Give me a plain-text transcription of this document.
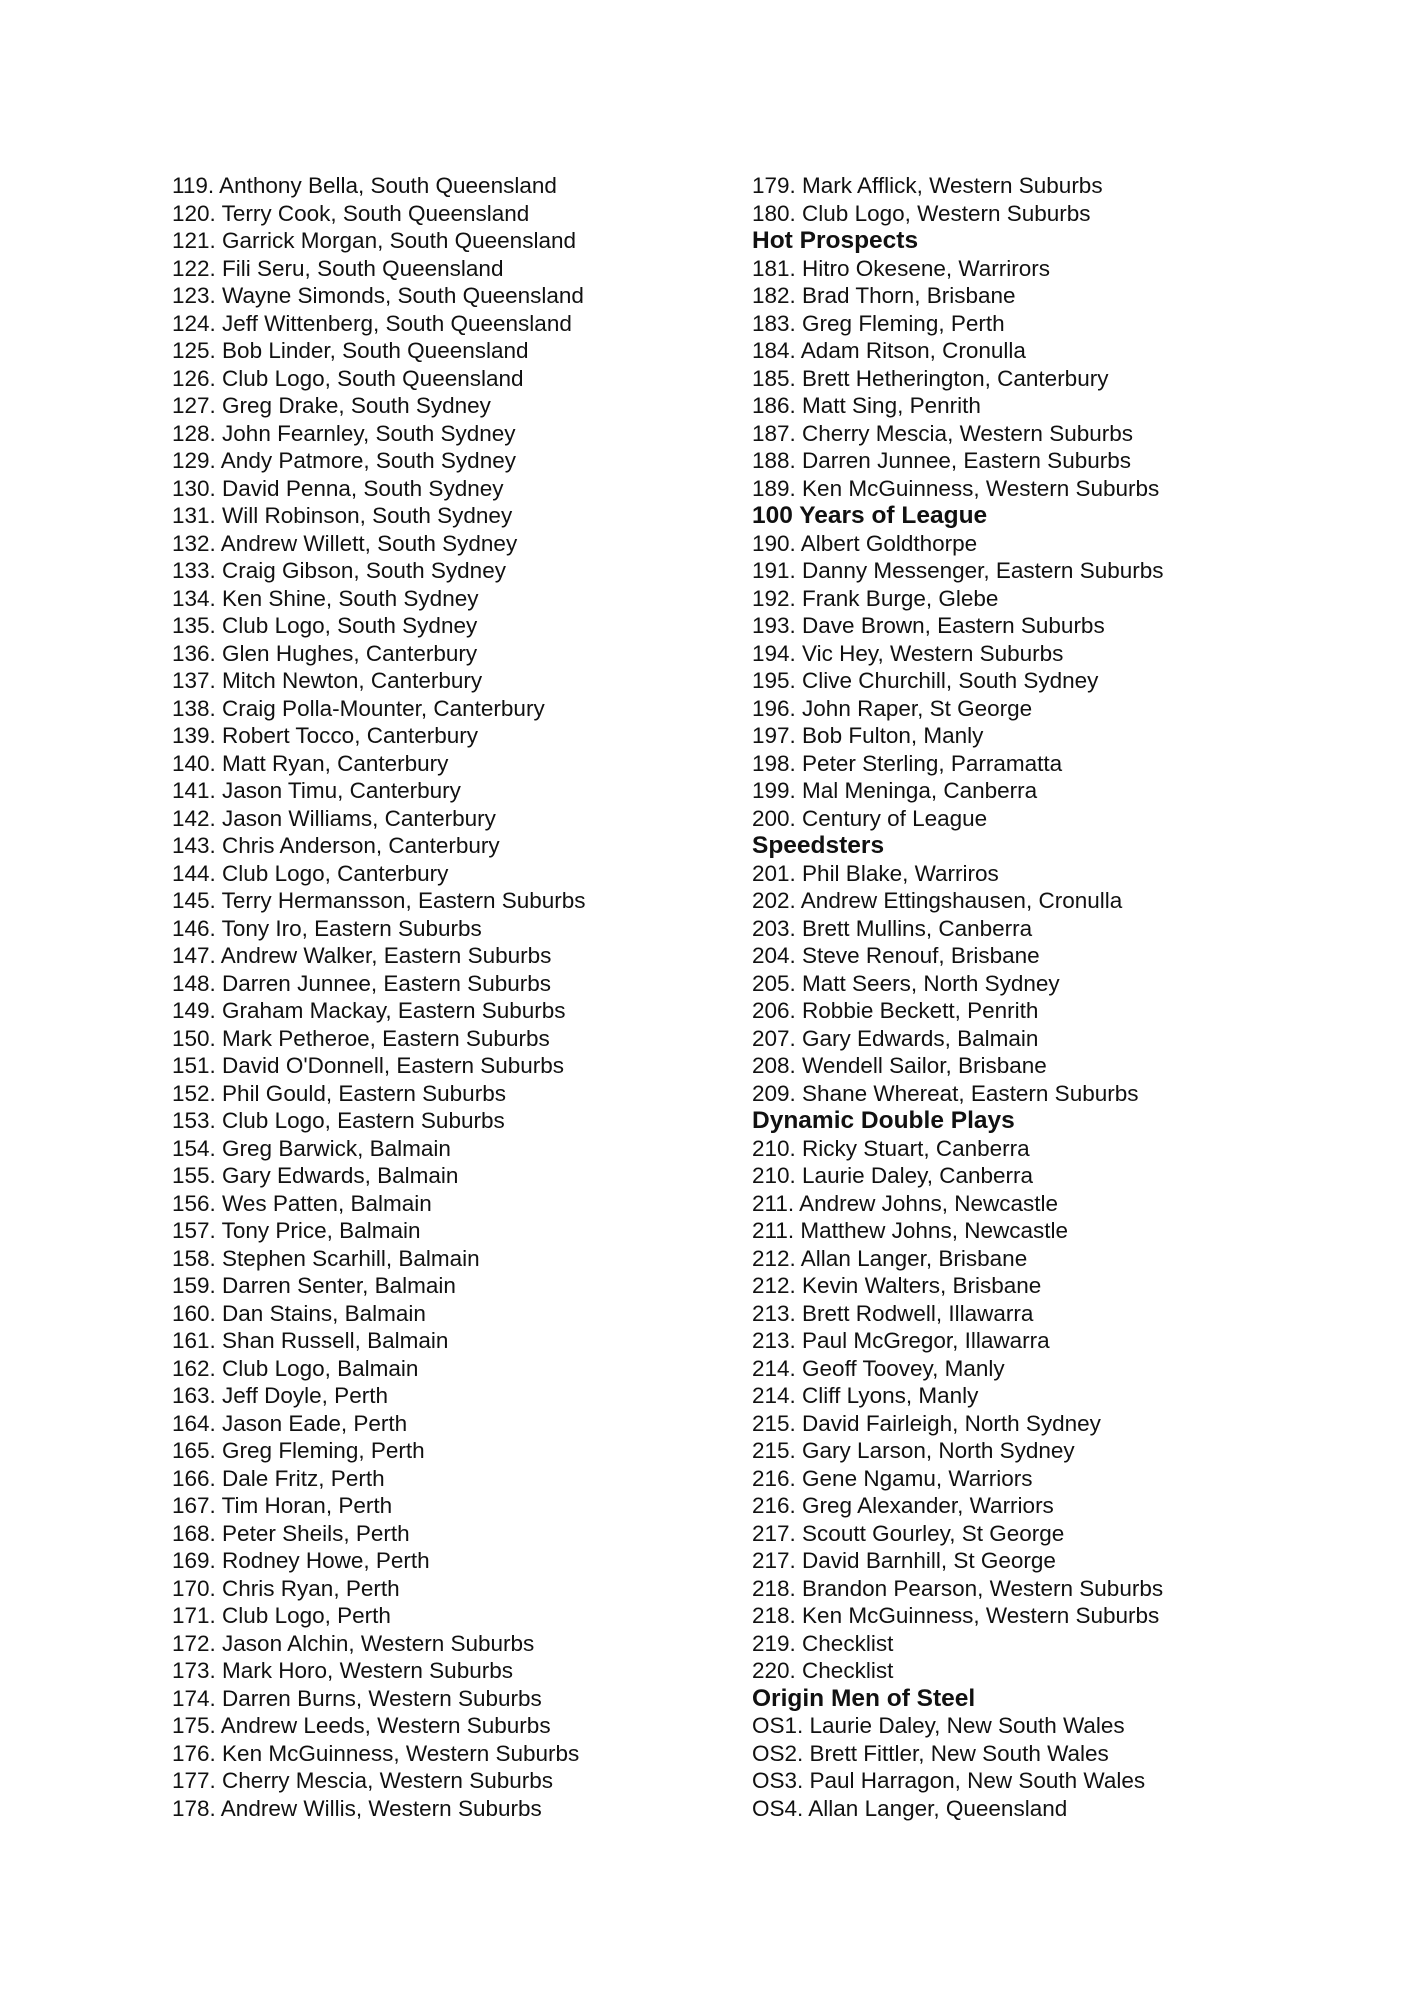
119. Anthony Bella, South Queensland
120. Terry Cook, South Queensland
121. Garrick Morgan, South Queensland
122. Fili Seru, South Queensland
123. Wayne Simonds, South Queensland
124. Jeff Wittenberg, South Queensland
125. Bob Linder, South Queensland
126. Club Logo, South Queensland
127. Greg Drake, South Sydney
128. John Fearnley, South Sydney
129. Andy Patmore, South Sydney
130. David Penna, South Sydney
131. Will Robinson, South Sydney
132. Andrew Willett, South Sydney
133. Craig Gibson, South Sydney
134. Ken Shine, South Sydney
135. Club Logo, South Sydney
136. Glen Hughes, Canterbury
137. Mitch Newton, Canterbury
138. Craig Polla-Mounter, Canterbury
139. Robert Tocco, Canterbury
140. Matt Ryan, Canterbury
141. Jason Timu, Canterbury
142. Jason Williams, Canterbury
143. Chris Anderson, Canterbury
144. Club Logo, Canterbury
145. Terry Hermansson, Eastern Suburbs
146. Tony Iro, Eastern Suburbs
147. Andrew Walker, Eastern Suburbs
148. Darren Junnee, Eastern Suburbs
149. Graham Mackay, Eastern Suburbs
150. Mark Petheroe, Eastern Suburbs
151. David O'Donnell, Eastern Suburbs
152. Phil Gould, Eastern Suburbs
153. Club Logo, Eastern Suburbs
154. Greg Barwick, Balmain
155. Gary Edwards, Balmain
156. Wes Patten, Balmain
157. Tony Price, Balmain
158. Stephen Scarhill, Balmain
159. Darren Senter, Balmain
160. Dan Stains, Balmain
161. Shan Russell, Balmain
162. Club Logo, Balmain
163. Jeff Doyle, Perth
164. Jason Eade, Perth
165. Greg Fleming, Perth
166. Dale Fritz, Perth
167. Tim Horan, Perth
168. Peter Sheils, Perth
169. Rodney Howe, Perth
170. Chris Ryan, Perth
171. Club Logo, Perth
172. Jason Alchin, Western Suburbs
173. Mark Horo, Western Suburbs
174. Darren Burns, Western Suburbs
175. Andrew Leeds, Western Suburbs
176. Ken McGuinness, Western Suburbs
177. Cherry Mescia, Western Suburbs
178. Andrew Willis, Western Suburbs
179. Mark Afflick, Western Suburbs
180. Club Logo, Western Suburbs
Hot Prospects
181. Hitro Okesene, Warrirors
182. Brad Thorn, Brisbane
183. Greg Fleming, Perth
184. Adam Ritson, Cronulla
185. Brett Hetherington, Canterbury
186. Matt Sing, Penrith
187. Cherry Mescia, Western Suburbs
188. Darren Junnee, Eastern Suburbs
189. Ken McGuinness, Western Suburbs
100 Years of League
190. Albert Goldthorpe
191. Danny Messenger, Eastern Suburbs
192. Frank Burge, Glebe
193. Dave Brown, Eastern Suburbs
194. Vic Hey, Western Suburbs
195. Clive Churchill, South Sydney
196. John Raper, St George
197. Bob Fulton, Manly
198. Peter Sterling, Parramatta
199. Mal Meninga, Canberra
200. Century of League
Speedsters
201. Phil Blake, Warriros
202. Andrew Ettingshausen, Cronulla
203. Brett Mullins, Canberra
204. Steve Renouf, Brisbane
205. Matt Seers, North Sydney
206. Robbie Beckett, Penrith
207. Gary Edwards, Balmain
208. Wendell Sailor, Brisbane
209. Shane Whereat, Eastern Suburbs
Dynamic Double Plays
210. Ricky Stuart, Canberra
210. Laurie Daley, Canberra
211. Andrew Johns, Newcastle
211. Matthew Johns, Newcastle
212. Allan Langer, Brisbane
212. Kevin Walters, Brisbane
213. Brett Rodwell, Illawarra
213. Paul McGregor, Illawarra
214. Geoff Toovey, Manly
214. Cliff Lyons, Manly
215. David Fairleigh, North Sydney
215. Gary Larson, North Sydney
216. Gene Ngamu, Warriors
216. Greg Alexander, Warriors
217. Scoutt Gourley, St George
217. David Barnhill, St George
218. Brandon Pearson, Western Suburbs
218. Ken McGuinness, Western Suburbs
219. Checklist
220. Checklist
Origin Men of Steel
OS1. Laurie Daley, New South Wales
OS2. Brett Fittler, New South Wales
OS3. Paul Harragon, New South Wales
OS4. Allan Langer, Queensland
